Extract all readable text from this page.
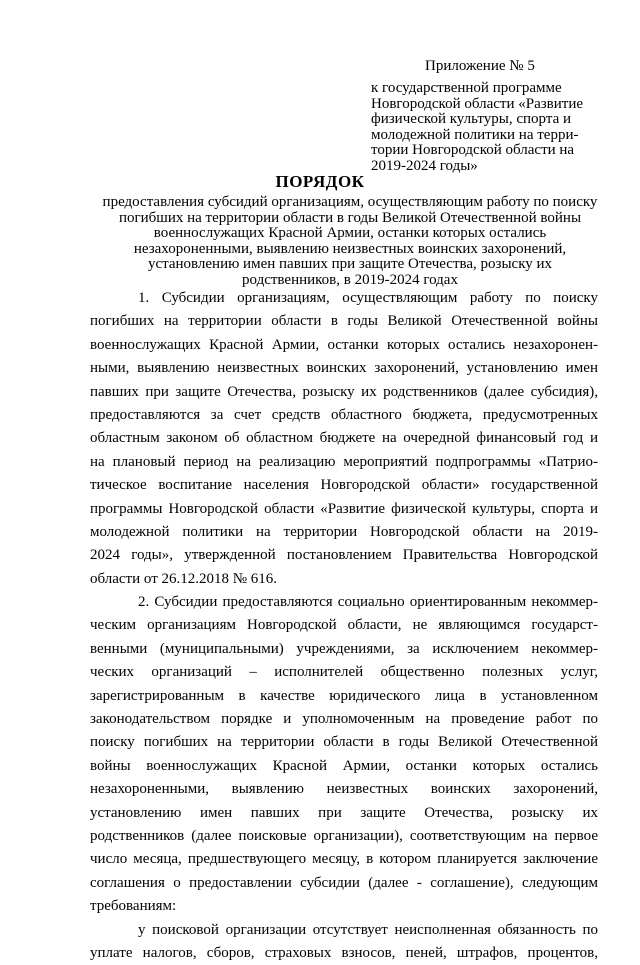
Приложение № 5
к государственной программе
Новгородской области «Развитие
физической культуры, спорта и
молодежной политики на терри-
тории Новгородской области на
2019-2024 годы»
ПОРЯДОК
предоставления субсидий организациям, осуществляющим работу по поиску
погибших на территории области в годы Великой Отечественной войны
военнослужащих Красной Армии, останки которых остались
незахороненными, выявлению неизвестных воинских захоронений,
установлению имен павших при защите Отечества, розыску их
родственников, в 2019-2024 годах
1. Субсидии организациям, осуществляющим работу по поиску
погибших на территории области в годы Великой Отечественной войны
военнослужащих Красной Армии, останки которых остались незахоронен-
ными, выявлению неизвестных воинских захоронений, установлению имен
павших при защите Отечества, розыску их родственников (далее субсидия),
предоставляются за счет средств областного бюджета, предусмотренных
областным законом об областном бюджете на очередной финансовый год и
на плановый период на реализацию мероприятий подпрограммы «Патрио-
тическое воспитание населения Новгородской области» государственной
программы Новгородской области «Развитие физической культуры, спорта и
молодежной политики на территории Новгородской области на 2019-
2024 годы», утвержденной постановлением Правительства Новгородской
области от 26.12.2018 № 616.
2. Субсидии предоставляются социально ориентированным некоммер-
ческим организациям Новгородской области, не являющимся государст-
венными (муниципальными) учреждениями, за исключением некоммер-
ческих организаций – исполнителей общественно полезных услуг,
зарегистрированным в качестве юридического лица в установленном
законодательством порядке и уполномоченным на проведение работ по
поиску погибших на территории области в годы Великой Отечественной
войны военнослужащих Красной Армии, останки которых остались
незахороненными, выявлению неизвестных воинских захоронений,
установлению имен павших при защите Отечества, розыску их
родственников (далее поисковые организации), соответствующим на первое
число месяца, предшествующего месяцу, в котором планируется заключение
соглашения о предоставлении субсидии (далее - соглашение), следующим
требованиям:
у поисковой организации отсутствует неисполненная обязанность по
уплате налогов, сборов, страховых взносов, пеней, штрафов, процентов,
